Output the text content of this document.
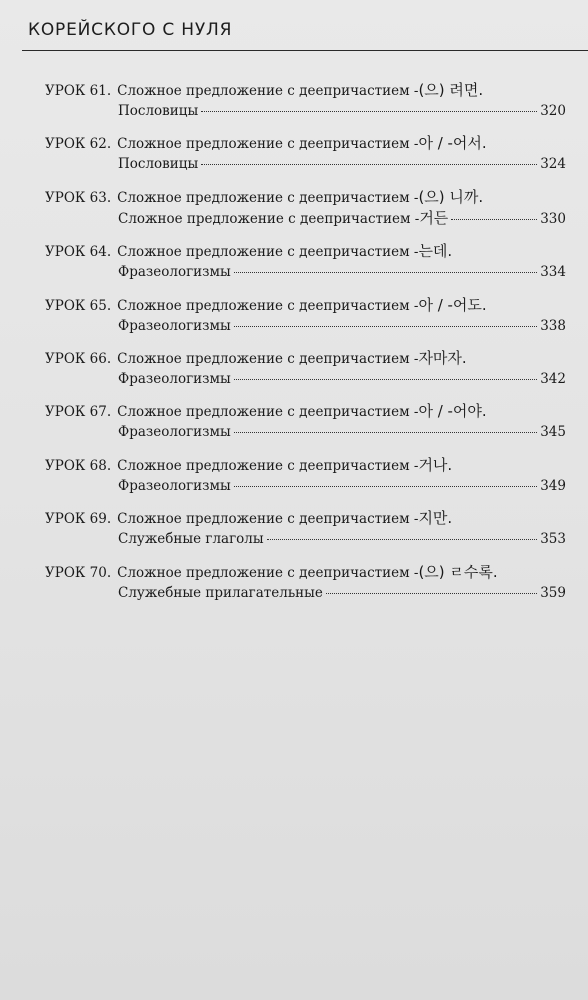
КОРЕЙСКОГО С НУЛЯ
УРОК 61. Сложное предложение с деепричастием -(으) 려면.
Пословицы	320
УРОК 62. Сложное предложение с деепричастием -아 / -어서.
Пословицы	324
УРОК 63. Сложное предложение с деепричастием -(으) 니까.
Сложное предложение с деепричастием -거든	330
УРОК 64. Сложное предложение с деепричастием -는데.
Фразеологизмы	334
УРОК 65. Сложное предложение с деепричастием -아 / -어도.
Фразеологизмы	338
УРОК 66. Сложное предложение с деепричастием -자마자.
Фразеологизмы	342
УРОК 67. Сложное предложение с деепричастием -아 / -어야.
Фразеологизмы	345
УРОК 68. Сложное предложение с деепричастием -거나.
Фразеологизмы	349
УРОК 69. Сложное предложение с деепричастием -지만.
Служебные глаголы	353
УРОК 70. Сложное предложение с деепричастием -(으) ㄹ수록.
Служебные прилагательные	359
